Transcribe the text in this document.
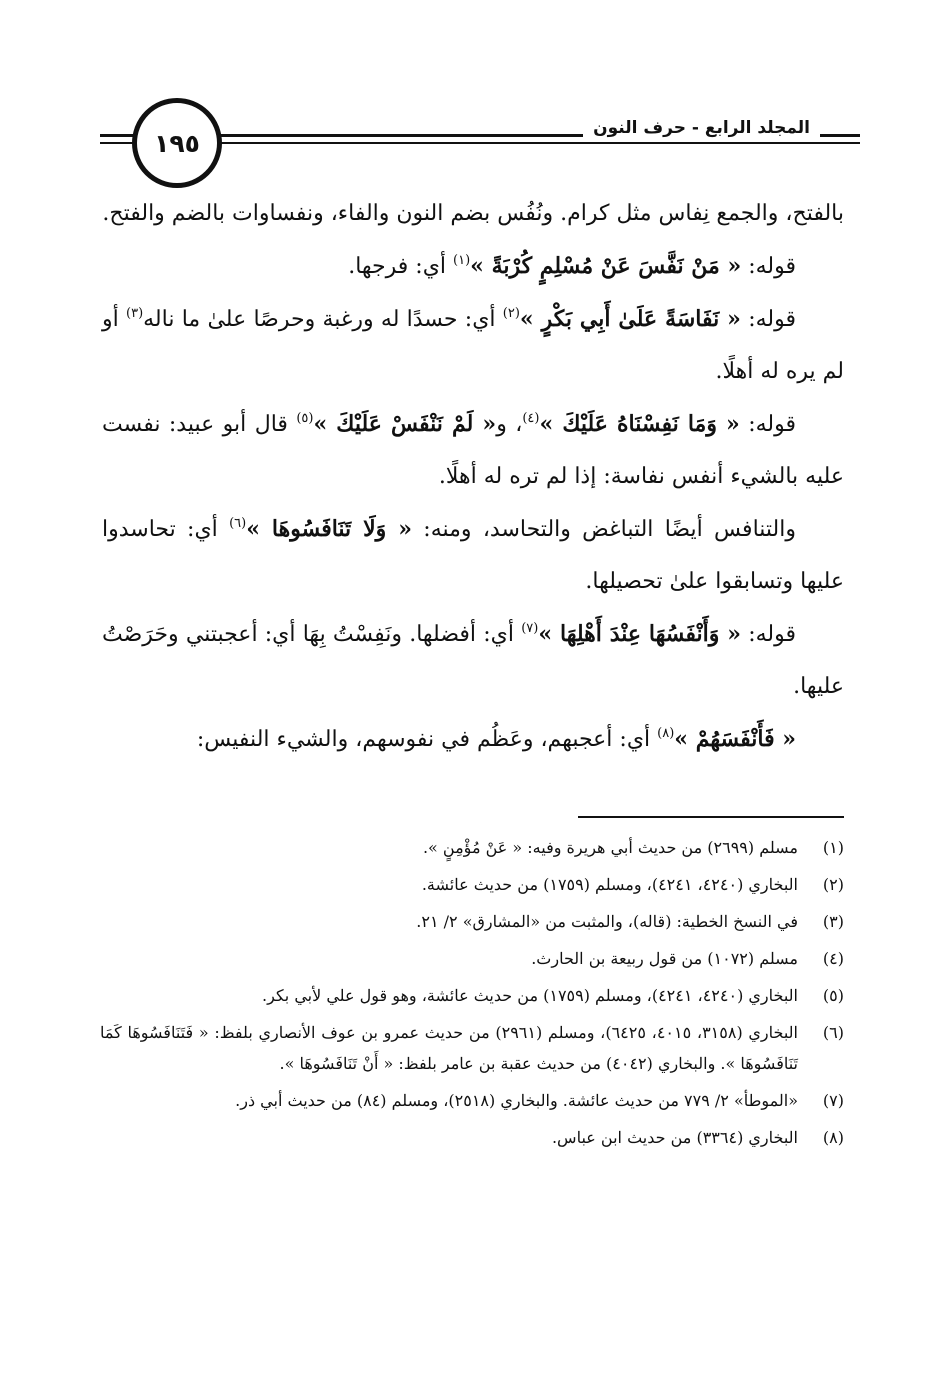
١٩٥
المجلد الرابع - حرف النون

بالفتح، والجمع نِفاس مثل كرام. ونُفُس بضم النون والفاء، ونفساوات بالضم والفتح.

قوله: « مَنْ نَفَّسَ عَنْ مُسْلِمٍ كُرْبَةً »$^{(١)}$ أي: فرجها.

قوله: « نَفَاسَةً عَلَىٰ أَبِي بَكْرٍ »$^{(٢)}$ أي: حسدًا له ورغبة وحرصًا علىٰ ما ناله$^{(٣)}$ أو لم يره له أهلًا.

قوله: « وَمَا نَفِسْنَاهُ عَلَيْكَ »$^{(٤)}$، و« لَمْ نَنْفَسْ عَلَيْكَ »$^{(٥)}$ قال أبو عبيد: نفست عليه بالشيء أنفس نفاسة: إذا لم تره له أهلًا.

والتنافس أيضًا التباغض والتحاسد، ومنه: « وَلَا تَنَافَسُوهَا »$^{(٦)}$ أي: تحاسدوا عليها وتسابقوا علىٰ تحصيلها.

قوله: « وَأَنْفَسُهَا عِنْدَ أَهْلِهَا »$^{(٧)}$ أي: أفضلها. ونَفِسْتُ بِهَا أي: أعجبتني وحَرَصْتُ عليها.

« فَأَنْفَسَهُمْ »$^{(٨)}$ أي: أعجبهم، وعَظُم في نفوسهم، والشيء النفيس:

(١)
مسلم (٢٦٩٩) من حديث أبي هريرة وفيه: « عَنْ مُؤْمِنٍ ».
(٢)
البخاري (٤٢٤٠، ٤٢٤١)، ومسلم (١٧٥٩) من حديث عائشة.
(٣)
في النسخ الخطية: (قاله)، والمثبت من «المشارق» ٢/ ٢١.
(٤)
مسلم (١٠٧٢) من قول ربيعة بن الحارث.
(٥)
البخاري (٤٢٤٠، ٤٢٤١)، ومسلم (١٧٥٩) من حديث عائشة، وهو قول علي لأبي بكر.
(٦)
البخاري (٣١٥٨، ٤٠١٥، ٦٤٢٥)، ومسلم (٢٩٦١) من حديث عمرو بن عوف الأنصاري بلفظ: « فَتَنَافَسُوهَا كَمَا تَنَافَسُوهَا ». والبخاري (٤٠٤٢) من حديث عقبة بن عامر بلفظ: « أَنْ تَنَافَسُوهَا ».
(٧)
«الموطأ» ٢/ ٧٧٩ من حديث عائشة. والبخاري (٢٥١٨)، ومسلم (٨٤) من حديث أبي ذر.
(٨)
البخاري (٣٣٦٤) من حديث ابن عباس.
